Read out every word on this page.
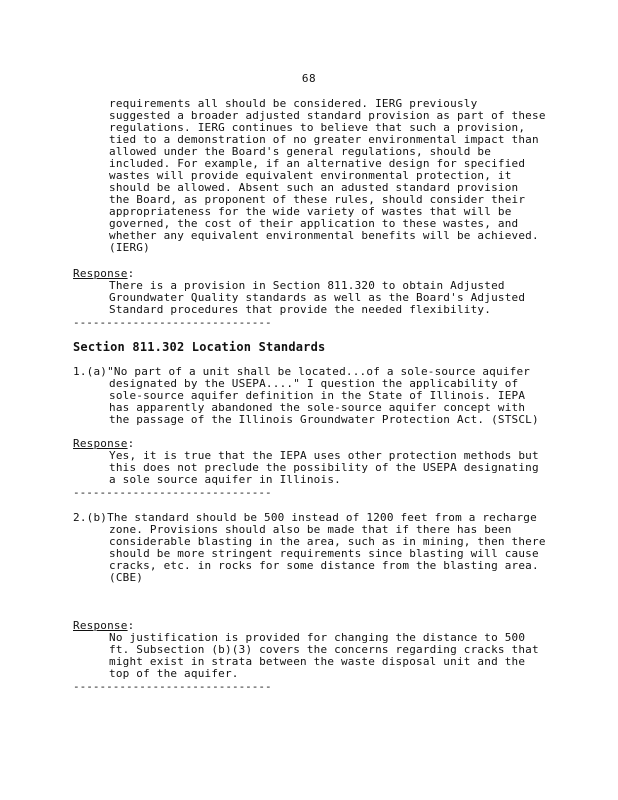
68
requirements all should be considered. IERG previously
suggested a broader adjusted standard provision as part of these
regulations. IERG continues to believe that such a provision,
tied to a demonstration of no greater environmental impact than
allowed under the Board's general regulations, should be
included. For example, if an alternative design for specified
wastes will provide equivalent environmental protection, it
should be allowed. Absent such an adusted standard provision
the Board, as proponent of these rules, should consider their
appropriateness for the wide variety of wastes that will be
governed, the cost of their application to these wastes, and
whether any equivalent environmental benefits will be achieved.
(IERG)
Response:
There is a provision in Section 811.320 to obtain Adjusted
Groundwater Quality standards as well as the Board's Adjusted
Standard procedures that provide the needed flexibility.
------------------------------
Section 811.302 Location Standards
1.(a)"No part of a unit shall be located...of a sole-source aquifer
designated by the USEPA...." I question the applicability of
sole-source aquifer definition in the State of Illinois. IEPA
has apparently abandoned the sole-source aquifer concept with
the passage of the Illinois Groundwater Protection Act. (STSCL)
Response:
Yes, it is true that the IEPA uses other protection methods but
this does not preclude the possibility of the USEPA designating
a sole source aquifer in Illinois.
------------------------------
2.(b)The standard should be 500 instead of 1200 feet from a recharge
zone. Provisions should also be made that if there has been
considerable blasting in the area, such as in mining, then there
should be more stringent requirements since blasting will cause
cracks, etc. in rocks for some distance from the blasting area.
(CBE)
Response:
No justification is provided for changing the distance to 500
ft. Subsection (b)(3) covers the concerns regarding cracks that
might exist in strata between the waste disposal unit and the
top of the aquifer.
------------------------------
